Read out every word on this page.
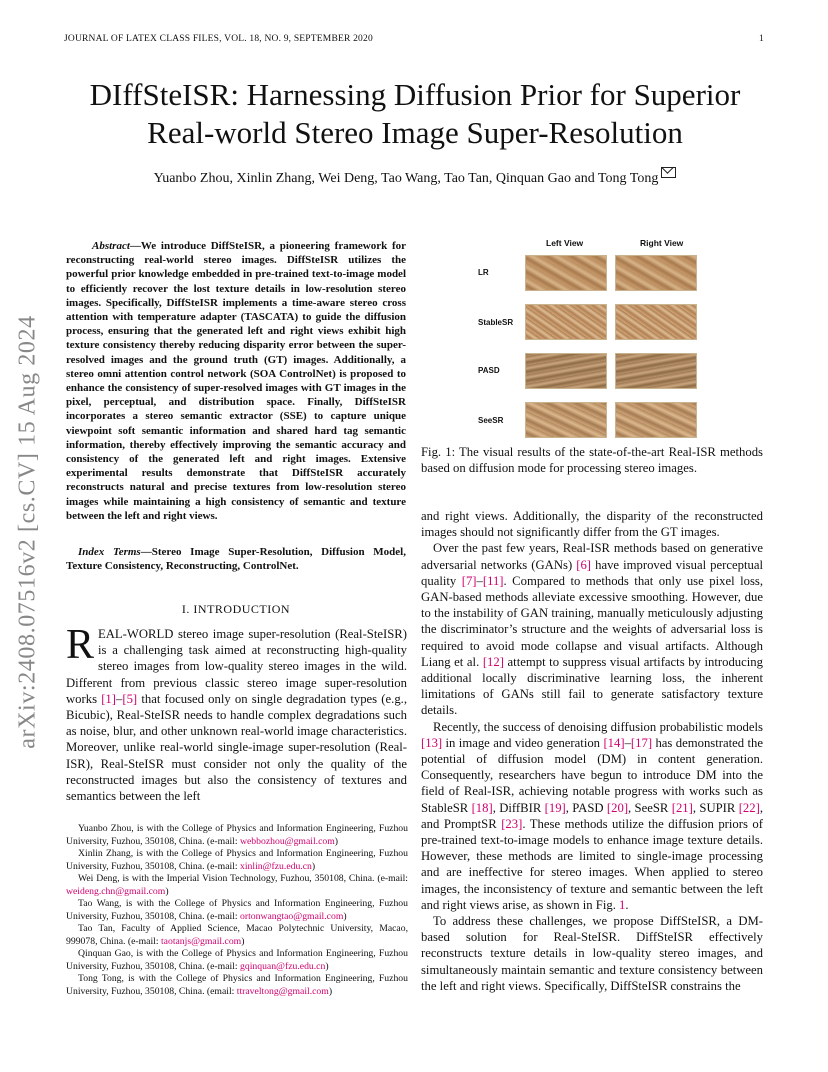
JOURNAL OF LATEX CLASS FILES, VOL. 18, NO. 9, SEPTEMBER 2020	1
arXiv:2408.07516v2 [cs.CV] 15 Aug 2024
DIffSteISR: Harnessing Diffusion Prior for Superior
Real-world Stereo Image Super-Resolution
Yuanbo Zhou, Xinlin Zhang, Wei Deng, Tao Wang, Tao Tan, Qinquan Gao and Tong Tong
Abstract—We introduce DiffSteISR, a pioneering framework for reconstructing real-world stereo images. DiffSteISR utilizes the powerful prior knowledge embedded in pre-trained text-to-image model to efficiently recover the lost texture details in low-resolution stereo images. Specifically, DiffSteISR implements a time-aware stereo cross attention with temperature adapter (TASCATA) to guide the diffusion process, ensuring that the generated left and right views exhibit high texture consistency thereby reducing disparity error between the super-resolved images and the ground truth (GT) images. Additionally, a stereo omni attention control network (SOA ControlNet) is proposed to enhance the consistency of super-resolved images with GT images in the pixel, perceptual, and distribution space. Finally, DiffSteISR incorporates a stereo semantic extractor (SSE) to capture unique viewpoint soft semantic information and shared hard tag semantic information, thereby effectively improving the semantic accuracy and consistency of the generated left and right images. Extensive experimental results demonstrate that DiffSteISR accurately reconstructs natural and precise textures from low-resolution stereo images while maintaining a high consistency of semantic and texture between the left and right views.
Index Terms—Stereo Image Super-Resolution, Diffusion Model, Texture Consistency, Reconstructing, ControlNet.
I. INTRODUCTION
REAL-WORLD stereo image super-resolution (Real-SteISR) is a challenging task aimed at reconstructing high-quality stereo images from low-quality stereo images in the wild. Different from previous classic stereo image super-resolution works [1]–[5] that focused only on single degradation types (e.g., Bicubic), Real-SteISR needs to handle complex degradations such as noise, blur, and other unknown real-world image characteristics. Moreover, unlike real-world single-image super-resolution (Real-ISR), Real-SteISR must consider not only the quality of the reconstructed images but also the consistency of textures and semantics between the left

Yuanbo Zhou, is with the College of Physics and Information Engineering, Fuzhou University, Fuzhou, 350108, China. (e-mail: webbozhou@gmail.com)

Xinlin Zhang, is with the College of Physics and Information Engineering, Fuzhou University, Fuzhou, 350108, China. (e-mail: xinlin@fzu.edu.cn)

Wei Deng, is with the Imperial Vision Technology, Fuzhou, 350108, China. (e-mail: weideng.chn@gmail.com)

Tao Wang, is with the College of Physics and Information Engineering, Fuzhou University, Fuzhou, 350108, China. (e-mail: ortonwangtao@gmail.com)

Tao Tan, Faculty of Applied Science, Macao Polytechnic University, Macao, 999078, China. (e-mail: taotanjs@gmail.com)

Qinquan Gao, is with the College of Physics and Information Engineering, Fuzhou University, Fuzhou, 350108, China. (e-mail: gqinquan@fzu.edu.cn)

Tong Tong, is with the College of Physics and Information Engineering, Fuzhou University, Fuzhou, 350108, China. (email: ttraveltong@gmail.com)

Left View	Right View
LR
StableSR
PASD
SeeSR
Fig. 1: The visual results of the state-of-the-art Real-ISR methods based on diffusion mode for processing stereo images.

and right views. Additionally, the disparity of the reconstructed images should not significantly differ from the GT images.

Over the past few years, Real-ISR methods based on generative adversarial networks (GANs) [6] have improved visual perceptual quality [7]–[11]. Compared to methods that only use pixel loss, GAN-based methods alleviate excessive smoothing. However, due to the instability of GAN training, manually meticulously adjusting the discriminator’s structure and the weights of adversarial loss is required to avoid mode collapse and visual artifacts. Although Liang et al. [12] attempt to suppress visual artifacts by introducing additional locally discriminative learning loss, the inherent limitations of GANs still fail to generate satisfactory texture details.

Recently, the success of denoising diffusion probabilistic models [13] in image and video generation [14]–[17] has demonstrated the potential of diffusion model (DM) in content generation. Consequently, researchers have begun to introduce DM into the field of Real-ISR, achieving notable progress with works such as StableSR [18], DiffBIR [19], PASD [20], SeeSR [21], SUPIR [22], and PromptSR [23]. These methods utilize the diffusion priors of pre-trained text-to-image models to enhance image texture details. However, these methods are limited to single-image processing and are ineffective for stereo images. When applied to stereo images, the inconsistency of texture and semantic between the left and right views arise, as shown in Fig. 1.

To address these challenges, we propose DiffSteISR, a DM-based solution for Real-SteISR. DiffSteISR effectively reconstructs texture details in low-quality stereo images, and simultaneously maintain semantic and texture consistency between the left and right views. Specifically, DiffSteISR constrains the
